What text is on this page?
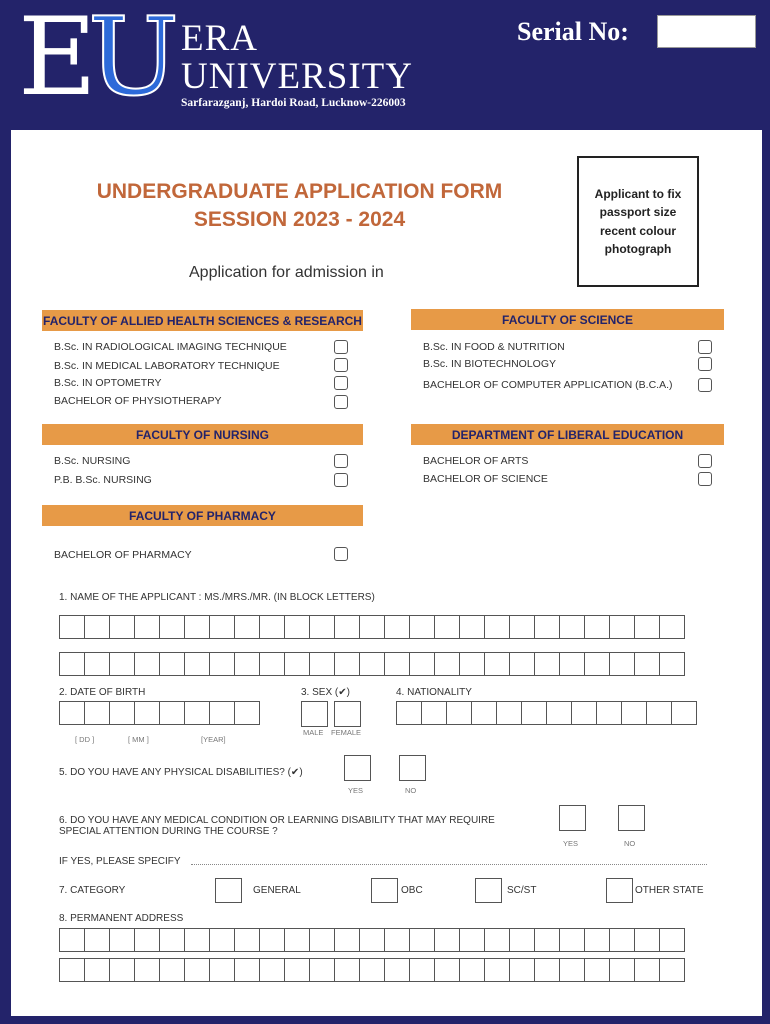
E
U ERA
UNIVERSITY
Sarfarazganj, Hardoi Road, Lucknow-226003
Serial No:
UNDERGRADUATE APPLICATION FORM
SESSION 2023 - 2024
Applicant to fix passport size recent colour photograph
Application for admission in
FACULTY OF ALLIED HEALTH SCIENCES & RESEARCH
B.Sc. IN RADIOLOGICAL IMAGING TECHNIQUE
B.Sc. IN MEDICAL LABORATORY TECHNIQUE
B.Sc. IN OPTOMETRY
BACHELOR OF PHYSIOTHERAPY
FACULTY OF SCIENCE
B.Sc. IN FOOD & NUTRITION
B.Sc. IN BIOTECHNOLOGY
BACHELOR OF COMPUTER APPLICATION (B.C.A.)
FACULTY OF NURSING
B.Sc. NURSING
P.B. B.Sc. NURSING
DEPARTMENT OF LIBERAL EDUCATION
BACHELOR OF ARTS
BACHELOR OF SCIENCE
FACULTY OF PHARMACY
BACHELOR OF PHARMACY
1. NAME OF THE APPLICANT : MS./MRS./MR. (IN BLOCK LETTERS)
2. DATE OF BIRTH
[ DD ]	[ MM ]	[YEAR]
3. SEX (✔)
MALE FEMALE
4. NATIONALITY
5. DO YOU HAVE ANY PHYSICAL DISABILITIES? (✔)
YES	NO
6. DO YOU HAVE ANY MEDICAL CONDITION OR LEARNING DISABILITY THAT MAY REQUIRE
SPECIAL ATTENTION DURING THE COURSE ?
YES	NO
IF YES, PLEASE SPECIFY
7. CATEGORY	GENERAL	OBC	SC/ST	OTHER STATE
8. PERMANENT ADDRESS
